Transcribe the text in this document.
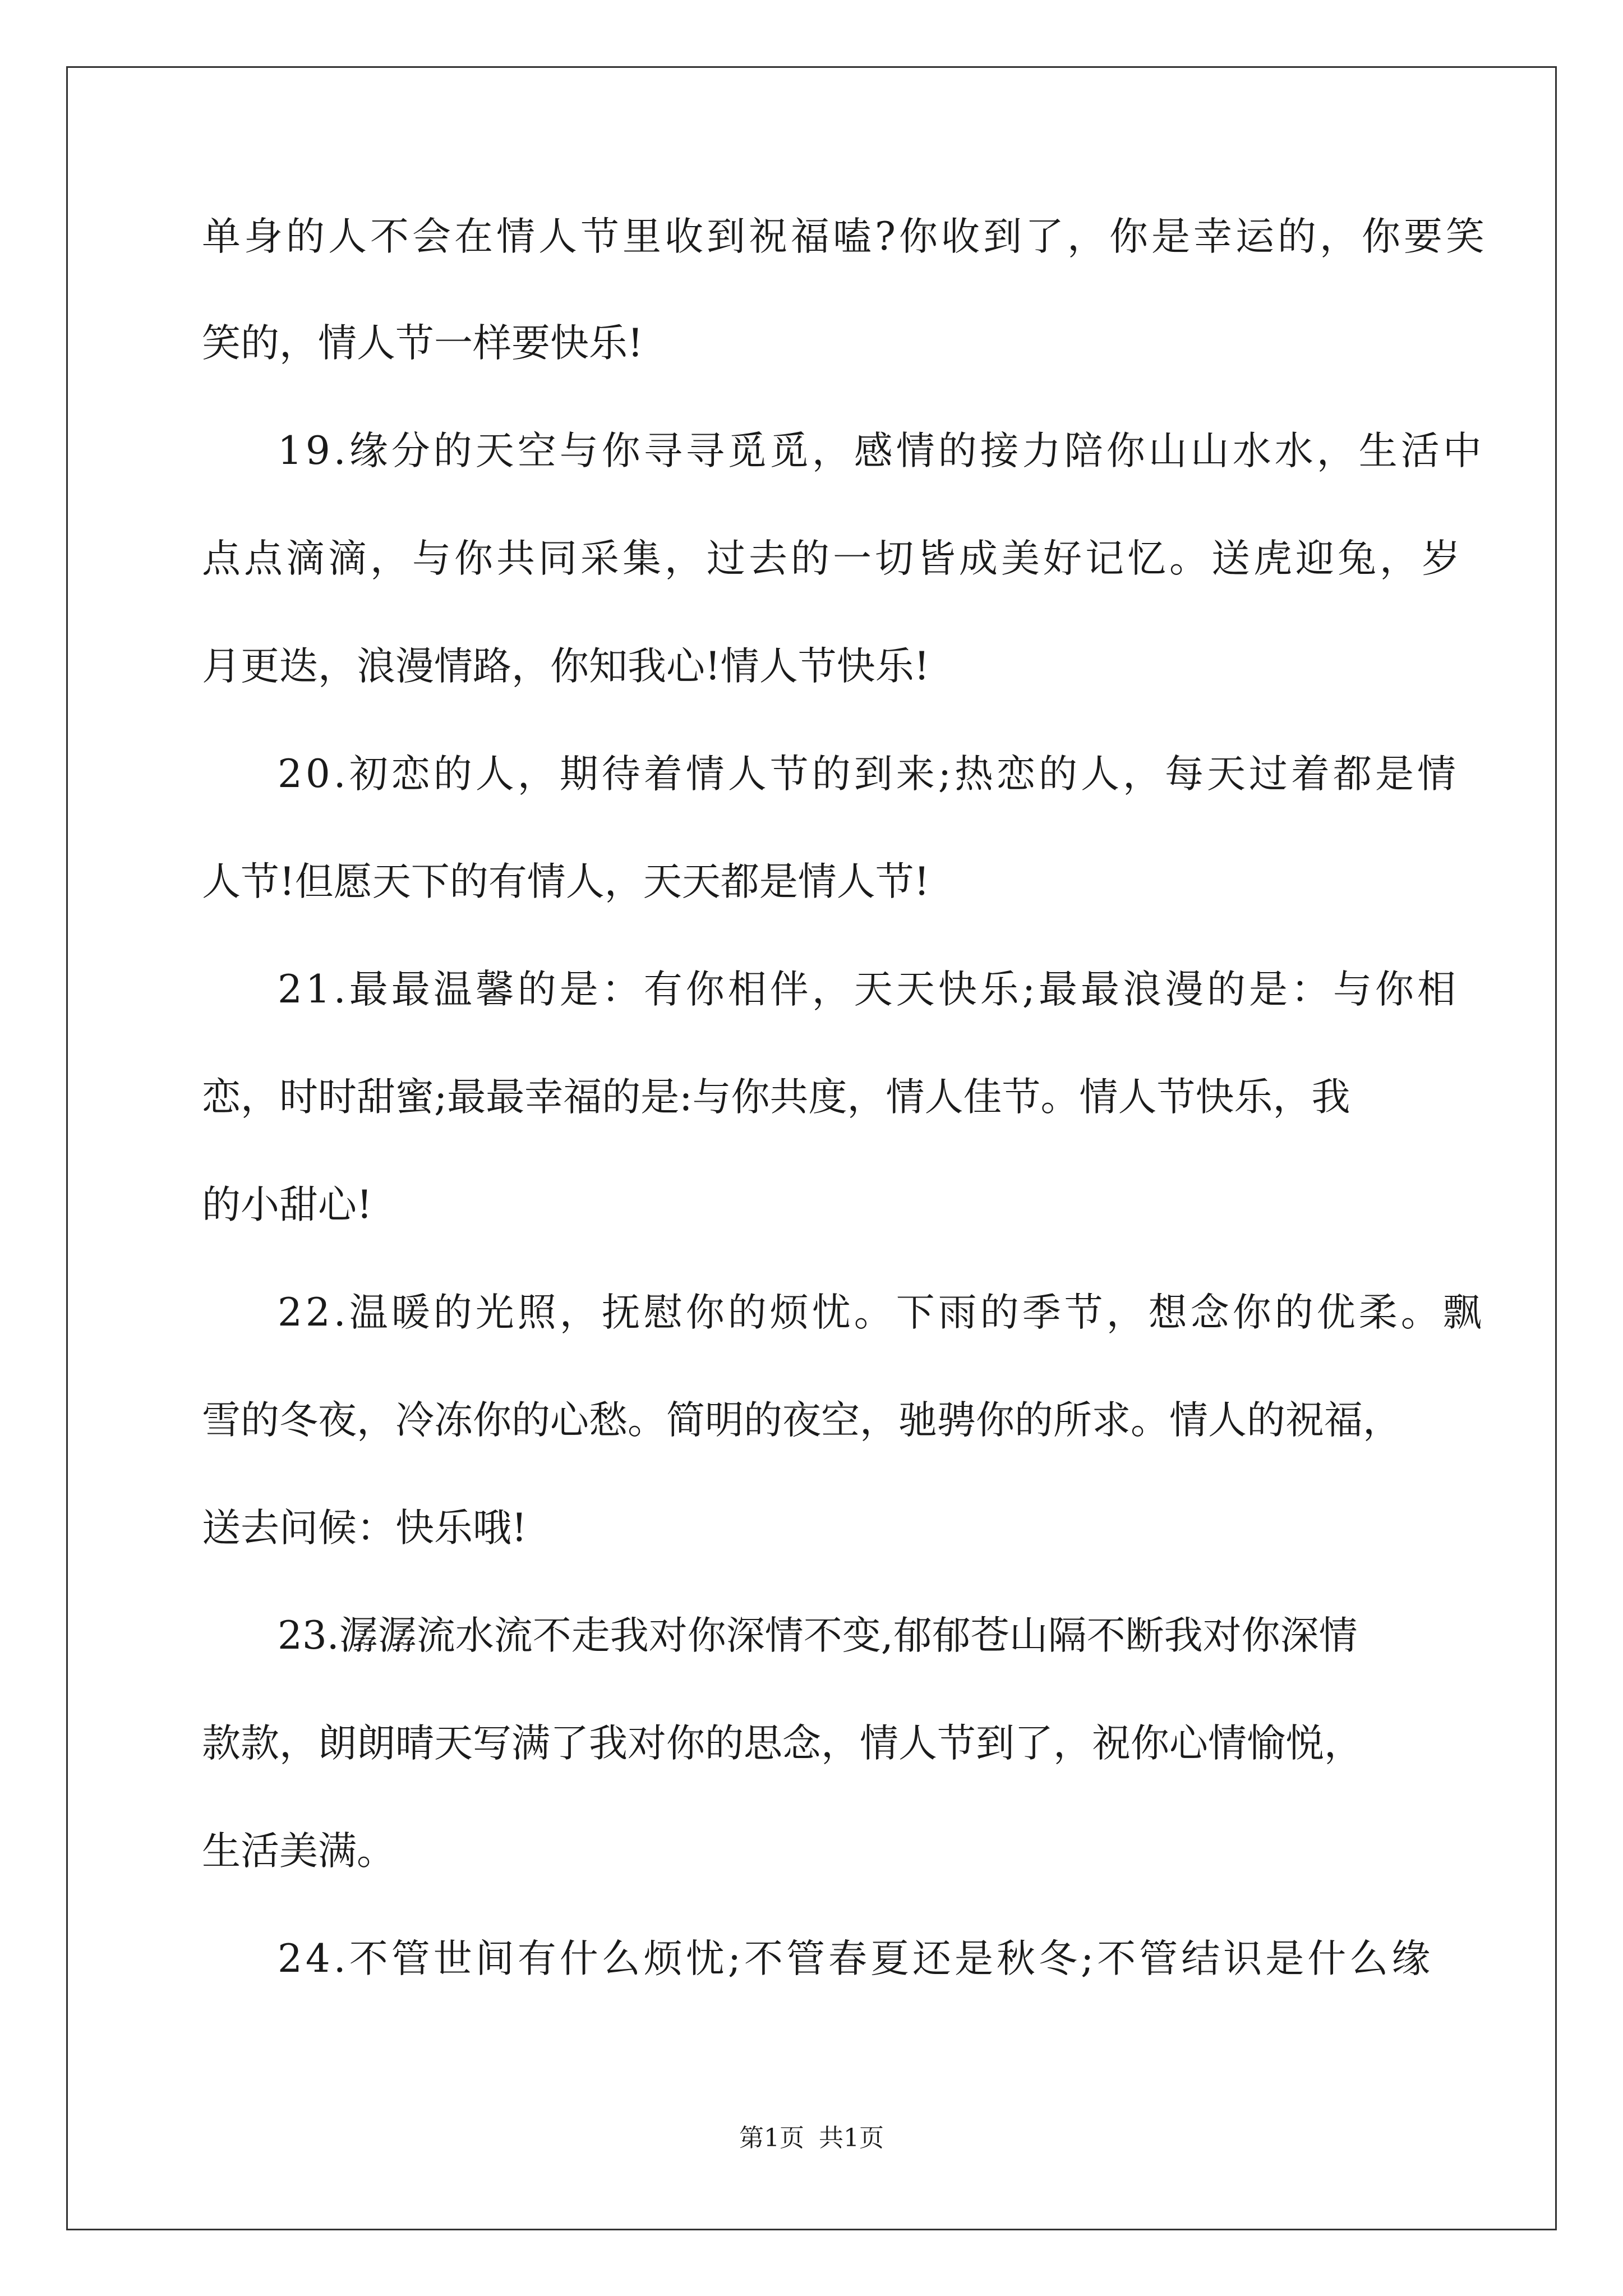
单身的人不会在情人节里收到祝福嗑?你收到了，你是幸运的，你要笑
笑的，情人节一样要快乐!
19.缘分的天空与你寻寻觅觅，感情的接力陪你山山水水，生活中
点点滴滴，与你共同采集，过去的一切皆成美好记忆。送虎迎兔，岁
月更迭，浪漫情路，你知我心!情人节快乐!
20.初恋的人，期待着情人节的到来;热恋的人，每天过着都是情
人节!但愿天下的有情人，天天都是情人节!
21.最最温馨的是：有你相伴，天天快乐;最最浪漫的是：与你相
恋，时时甜蜜;最最幸福的是:与你共度，情人佳节。情人节快乐，我
的小甜心!
22.温暖的光照，抚慰你的烦忧。下雨的季节，想念你的优柔。飘
雪的冬夜，冷冻你的心愁。简明的夜空，驰骋你的所求。情人的祝福，
送去问候：快乐哦!
23.潺潺流水流不走我对你深情不变,郁郁苍山隔不断我对你深情
款款，朗朗晴天写满了我对你的思念，情人节到了，祝你心情愉悦，
生活美满。
24.不管世间有什么烦忧;不管春夏还是秋冬;不管结识是什么缘
第1页 共1页
